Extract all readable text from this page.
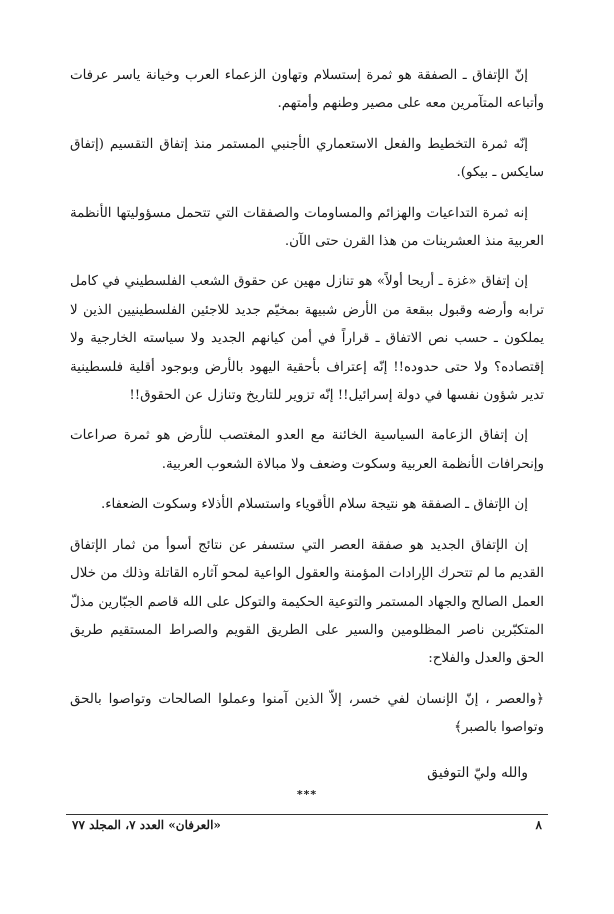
إنّ الإتفاق ـ الصفقة هو ثمرة إستسلام وتهاون الزعماء العرب وخيانة ياسر عرفات وأتباعه المتآمرين معه على مصير وطنهم وأمتهم.

إنّه ثمرة التخطيط والفعل الاستعماري الأجنبي المستمر منذ إتفاق التقسيم (إتفاق سايكس ـ بيكو).

إنه ثمرة التداعيات والهزائم والمساومات والصفقات التي تتحمل مسؤوليتها الأنظمة العربية منذ العشرينات من هذا القرن حتى الآن.

إن إتفاق «غزة ـ أريحا أولاً» هو تنازل مهين عن حقوق الشعب الفلسطيني في كامل ترابه وأرضه وقبول ببقعة من الأرض شبيهة بمخيّم جديد للاجئين الفلسطينيين الذين لا يملكون ـ حسب نص الاتفاق ـ قراراً في أمن كيانهم الجديد ولا سياسته الخارجية ولا إقتصاده؟ ولا حتى حدوده!! إنّه إعتراف بأحقية اليهود بالأرض وبوجود أقلية فلسطينية تدير شؤون نفسها في دولة إسرائيل!! إنّه تزوير للتاريخ وتنازل عن الحقوق!!

إن إتفاق الزعامة السياسية الخائنة مع العدو المغتصب للأرض هو ثمرة صراعات وإنحرافات الأنظمة العربية وسكوت وضعف ولا مبالاة الشعوب العربية.

إن الإتفاق ـ الصفقة هو نتيجة سلام الأقوياء واستسلام الأذلاء وسكوت الضعفاء.

إن الإتفاق الجديد هو صفقة العصر التي ستسفر عن نتائج أسوأ من ثمار الإتفاق القديم ما لم تتحرك الإرادات المؤمنة والعقول الواعية لمحو آثاره القاتلة وذلك من خلال العمل الصالح والجهاد المستمر والتوعية الحكيمة والتوكل على الله قاصم الجبّارين مذلّ المتكبّرين ناصر المظلومين والسير على الطريق القويم والصراط المستقيم طريق الحق والعدل والفلاح:

﴿والعصر ، إنّ الإنسان لفي خسر، إلاّ الذين آمنوا وعملوا الصالحات وتواصوا بالحق وتواصوا بالصبر﴾

والله وليّ التوفيق

***
٨
«العرفان» العدد ٧، المجلد ٧٧
